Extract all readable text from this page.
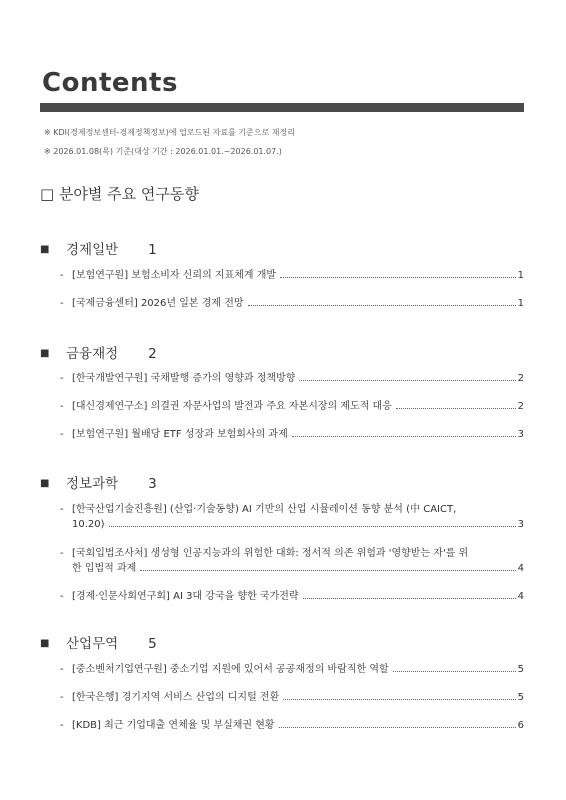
Contents
※ KDI(경제정보센터-경제정책정보)에 업로드된 자료를 기준으로 재정리
※ 2026.01.08(목) 기준(대상 기간 : 2026.01.01.~2026.01.07.)
□ 분야별 주요 연구동향
■ 경제일반 1
- [보험연구원] 보험소비자 신뢰의 지표체계 개발	1
- [국제금융센터] 2026년 일본 경제 전망	1
■ 금융재정 2
- [한국개발연구원] 국채발행 증가의 영향과 정책방향	2
- [대신경제연구소] 의결권 자문사업의 발전과 주요 자본시장의 제도적 대응	2
- [보험연구원] 월배당 ETF 성장과 보험회사의 과제	3
■ 정보과학 3
- [한국산업기술진흥원] (산업·기술동향) AI 기반의 산업 시뮬레이션 동향 분석 (中 CAICT,
10.20)	3
- [국회입법조사처] 생성형 인공지능과의 위험한 대화: 정서적 의존 위험과 '영향받는 자'를 위
한 입법적 과제	4
- [경제·인문사회연구회] AI 3대 강국을 향한 국가전략	4
■ 산업무역 5
- [중소벤처기업연구원] 중소기업 지원에 있어서 공공재정의 바람직한 역할	5
- [한국은행] 경기지역 서비스 산업의 디지털 전환	5
- [KDB] 최근 기업대출 연체율 및 부실채권 현황	6
